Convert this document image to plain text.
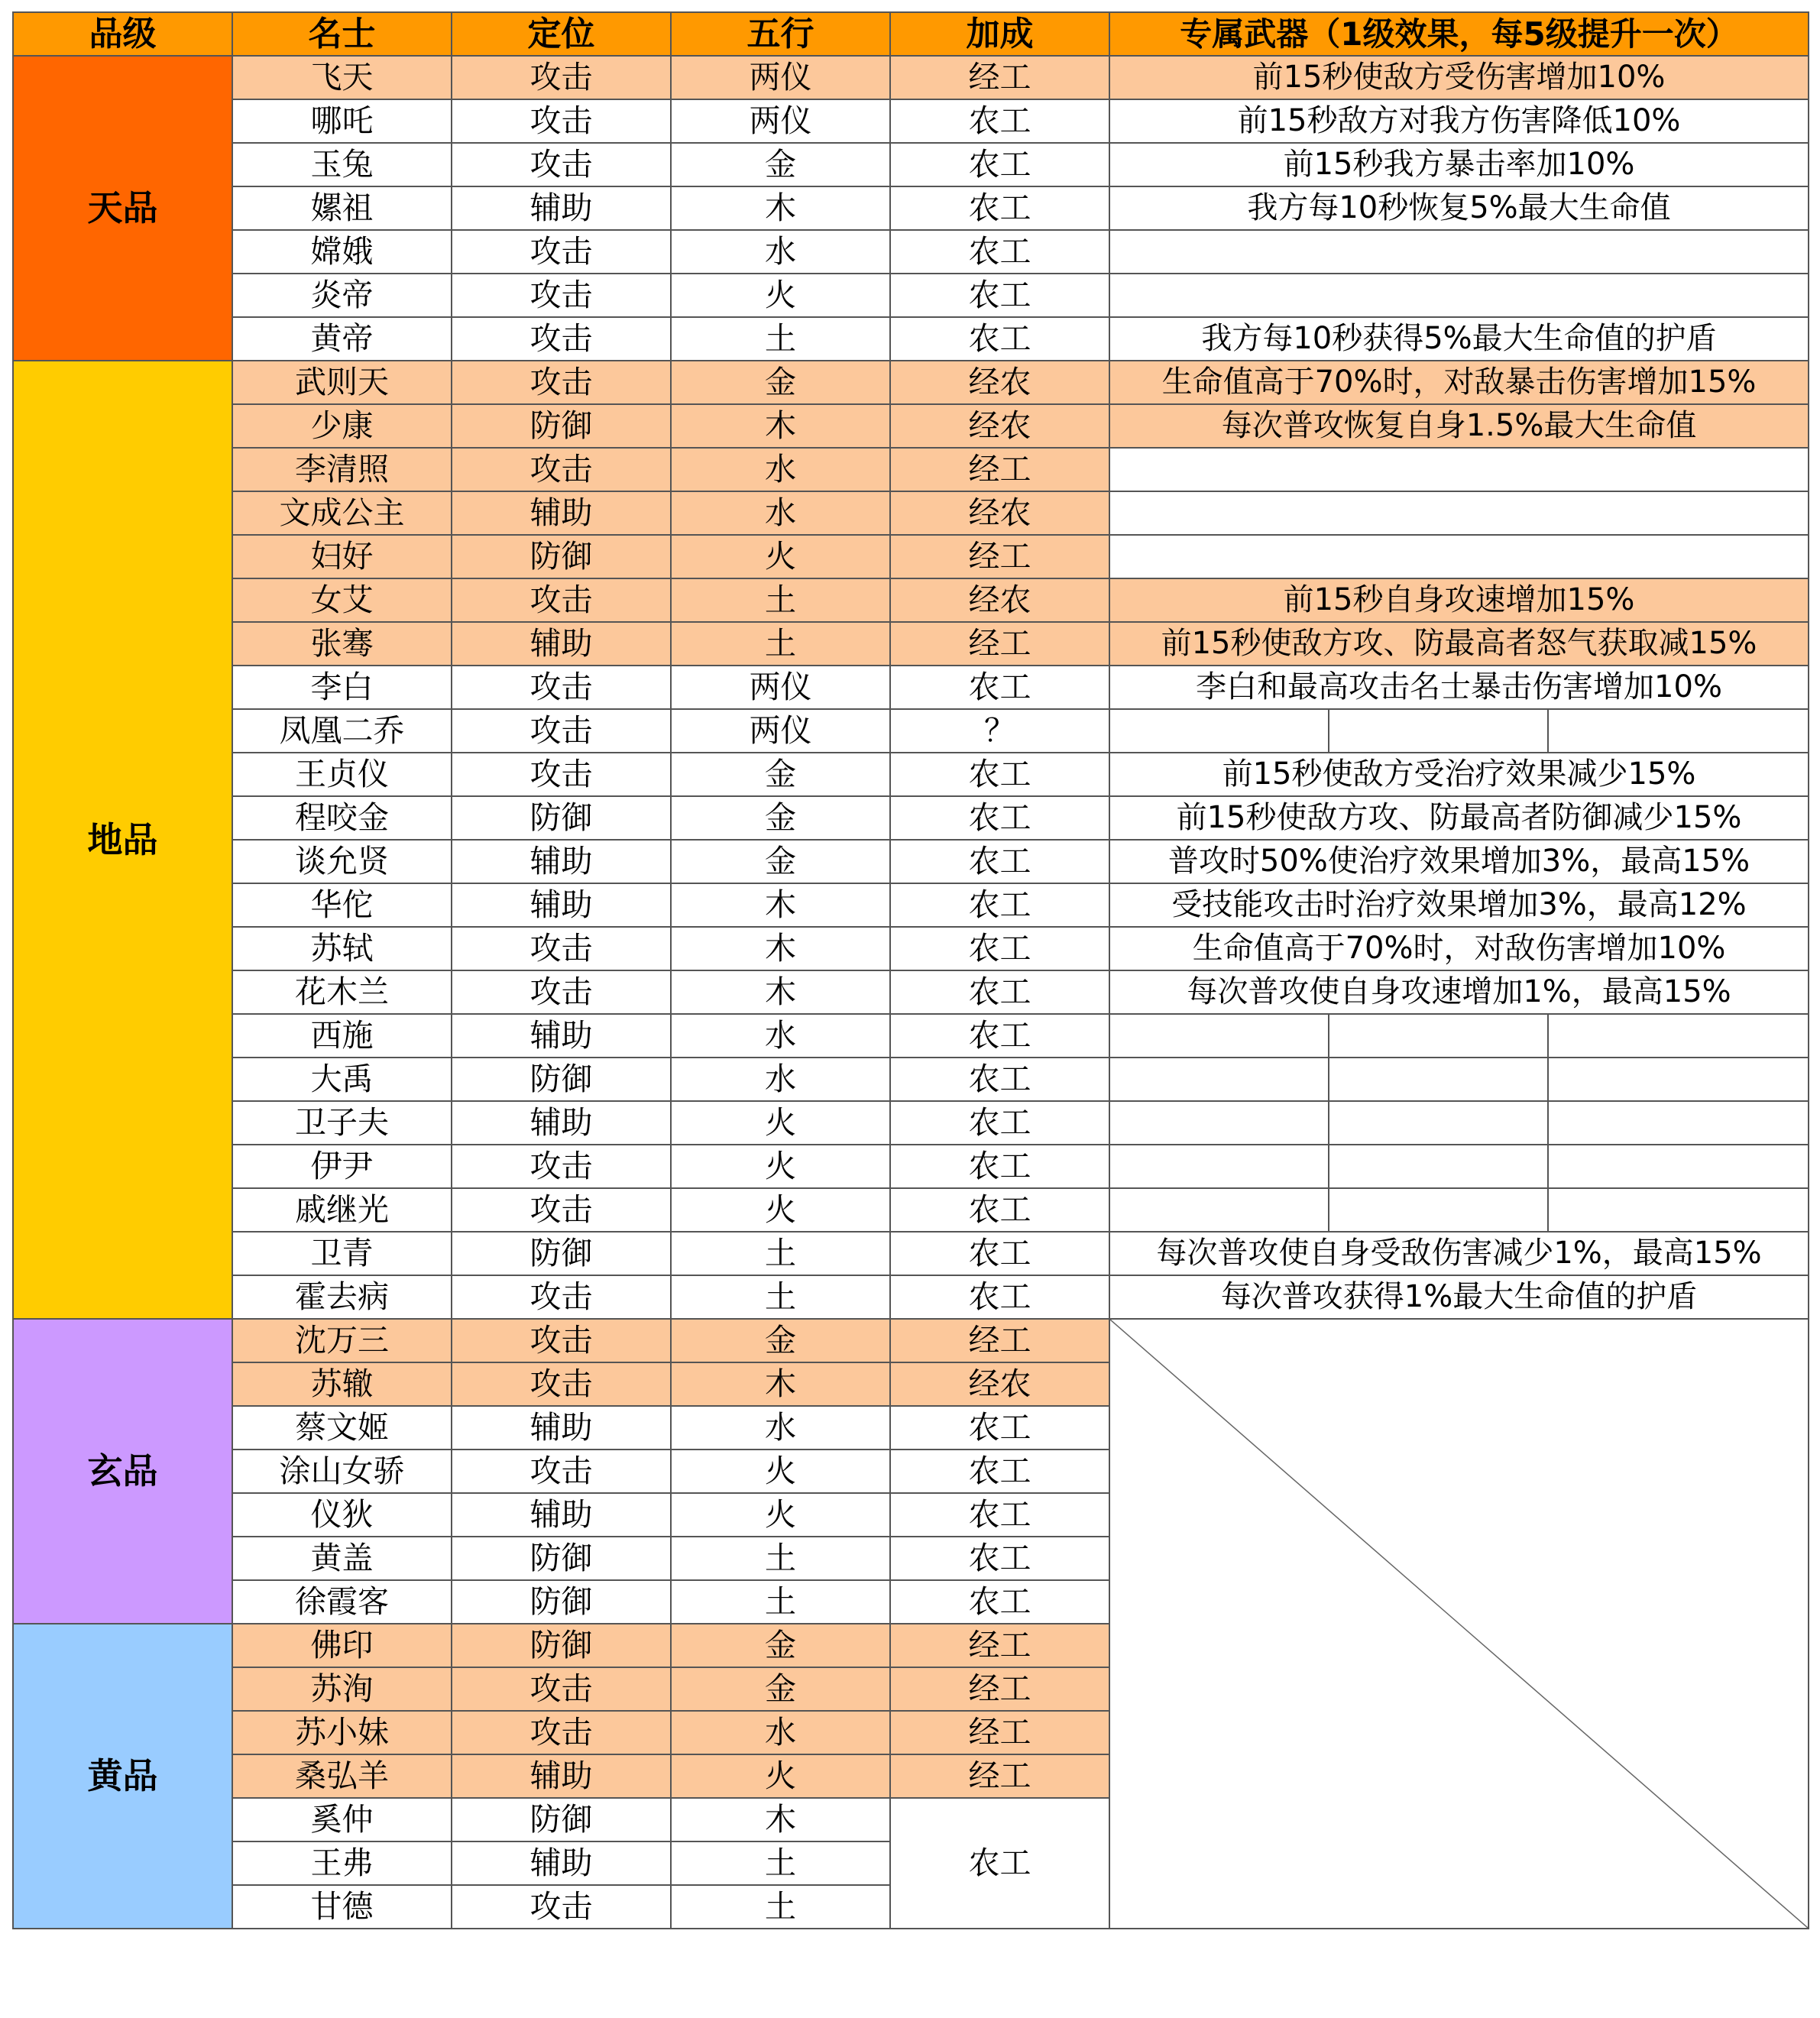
品级	名士	定位	五行	加成	专属武器（1级效果，每5级提升一次）		
天品	飞天	攻击	两仪	经工	前15秒使敌方受伤害增加10%		
	哪吒	攻击	两仪	农工	前15秒敌方对我方伤害降低10%		
	玉兔	攻击	金	农工	前15秒我方暴击率加10%		
	嫘祖	辅助	木	农工	我方每10秒恢复5%最大生命值		
	嫦娥	攻击	水	农工			
	炎帝	攻击	火	农工			
	黄帝	攻击	土	农工	我方每10秒获得5%最大生命值的护盾		
地品	武则天	攻击	金	经农	生命值高于70%时，对敌暴击伤害增加15%		
	少康	防御	木	经农	每次普攻恢复自身1.5%最大生命值		
	李清照	攻击	水	经工			
	文成公主	辅助	水	经农			
	妇好	防御	火	经工			
	女艾	攻击	土	经农	前15秒自身攻速增加15%		
	张骞	辅助	土	经工	前15秒使敌方攻、防最高者怒气获取减15%		
	李白	攻击	两仪	农工	李白和最高攻击名士暴击伤害增加10%		
	凤凰二乔	攻击	两仪	？			
	王贞仪	攻击	金	农工	前15秒使敌方受治疗效果减少15%		
	程咬金	防御	金	农工	前15秒使敌方攻、防最高者防御减少15%		
	谈允贤	辅助	金	农工	普攻时50%使治疗效果增加3%，最高15%		
	华佗	辅助	木	农工	受技能攻击时治疗效果增加3%，最高12%		
	苏轼	攻击	木	农工	生命值高于70%时，对敌伤害增加10%		
	花木兰	攻击	木	农工	每次普攻使自身攻速增加1%，最高15%		
	西施	辅助	水	农工			
	大禹	防御	水	农工			
	卫子夫	辅助	火	农工			
	伊尹	攻击	火	农工			
	戚继光	攻击	火	农工			
	卫青	防御	土	农工	每次普攻使自身受敌伤害减少1%，最高15%		
	霍去病	攻击	土	农工	每次普攻获得1%最大生命值的护盾		
玄品	沈万三	攻击	金	经工	

	苏辙	攻击	木	经农			
	蔡文姬	辅助	水	农工			
	涂山女骄	攻击	火	农工			
	仪狄	辅助	火	农工			
	黄盖	防御	土	农工			
	徐霞客	防御	土	农工			
黄品	佛印	防御	金	经工			
	苏洵	攻击	金	经工			
	苏小妹	攻击	水	经工			
	桑弘羊	辅助	火	经工			
	奚仲	防御	木	农工			
	王弗	辅助	土				
	甘德	攻击	土				
